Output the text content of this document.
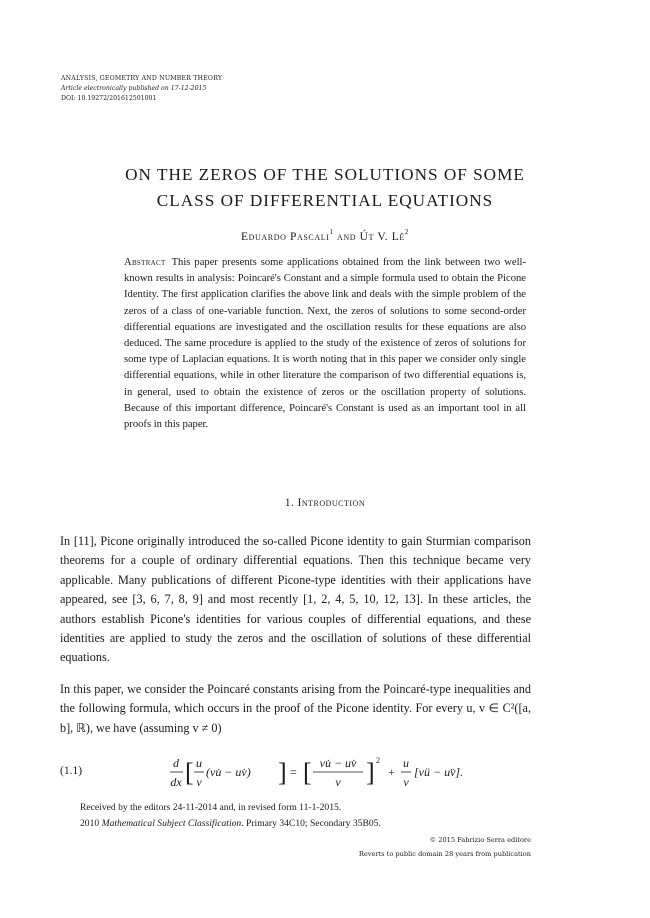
ANALYSIS, GEOMETRY AND NUMBER THEORY
Article electronically published on 17-12-2015
DOI: 10.19272/201612501001
ON THE ZEROS OF THE SOLUTIONS OF SOME
CLASS OF DIFFERENTIAL EQUATIONS
Eduardo Pascali$^1$ and Út V. $Lê^2$
Abstract This paper presents some applications obtained from the link between two well-known results in analysis: Poincaré's Constant and a simple formula used to obtain the Picone Identity. The first application clarifies the above link and deals with the simple problem of the zeros of a class of one-variable function. Next, the zeros of solutions to some second-order differential equations are investigated and the oscillation results for these equations are also deduced. The same procedure is applied to the study of the existence of zeros of solutions for some type of Laplacian equations. It is worth noting that in this paper we consider only single differential equations, while in other literature the comparison of two differential equations is, in general, used to obtain the existence of zeros or the oscillation property of solutions. Because of this important difference, Poincaré's Constant is used as an important tool in all proofs in this paper.
1. Introduction
In [11], Picone originally introduced the so-called Picone identity to gain Sturmian comparison theorems for a couple of ordinary differential equations. Then this technique became very applicable. Many publications of different Picone-type identities with their applications have appeared, see [3, 6, 7, 8, 9] and most recently [1, 2, 4, 5, 10, 12, 13]. In these articles, the authors establish Picone's identities for various couples of differential equations, and these identities are applied to study the zeros and the oscillation of solutions of these differential equations.
In this paper, we consider the Poincaré constants arising from the Poincaré-type inequalities and the following formula, which occurs in the proof of the Picone identity. For every u, v ∈ C²([a, b], ℝ), we have (assuming v ≠ 0)
(1.1)
d
dx [ u
v
(vu̇ − uv̇) ] = [ vu̇ − uv̇
v ] 2
+
u
v
[vü − uv̈].
Received by the editors 24-11-2014 and, in revised form 11-1-2015.
2010 Mathematical Subject Classification. Primary 34C10; Secondary 35B05.
© 2015 Fabrizio Serra editore
Reverts to public domain 28 years from publication
